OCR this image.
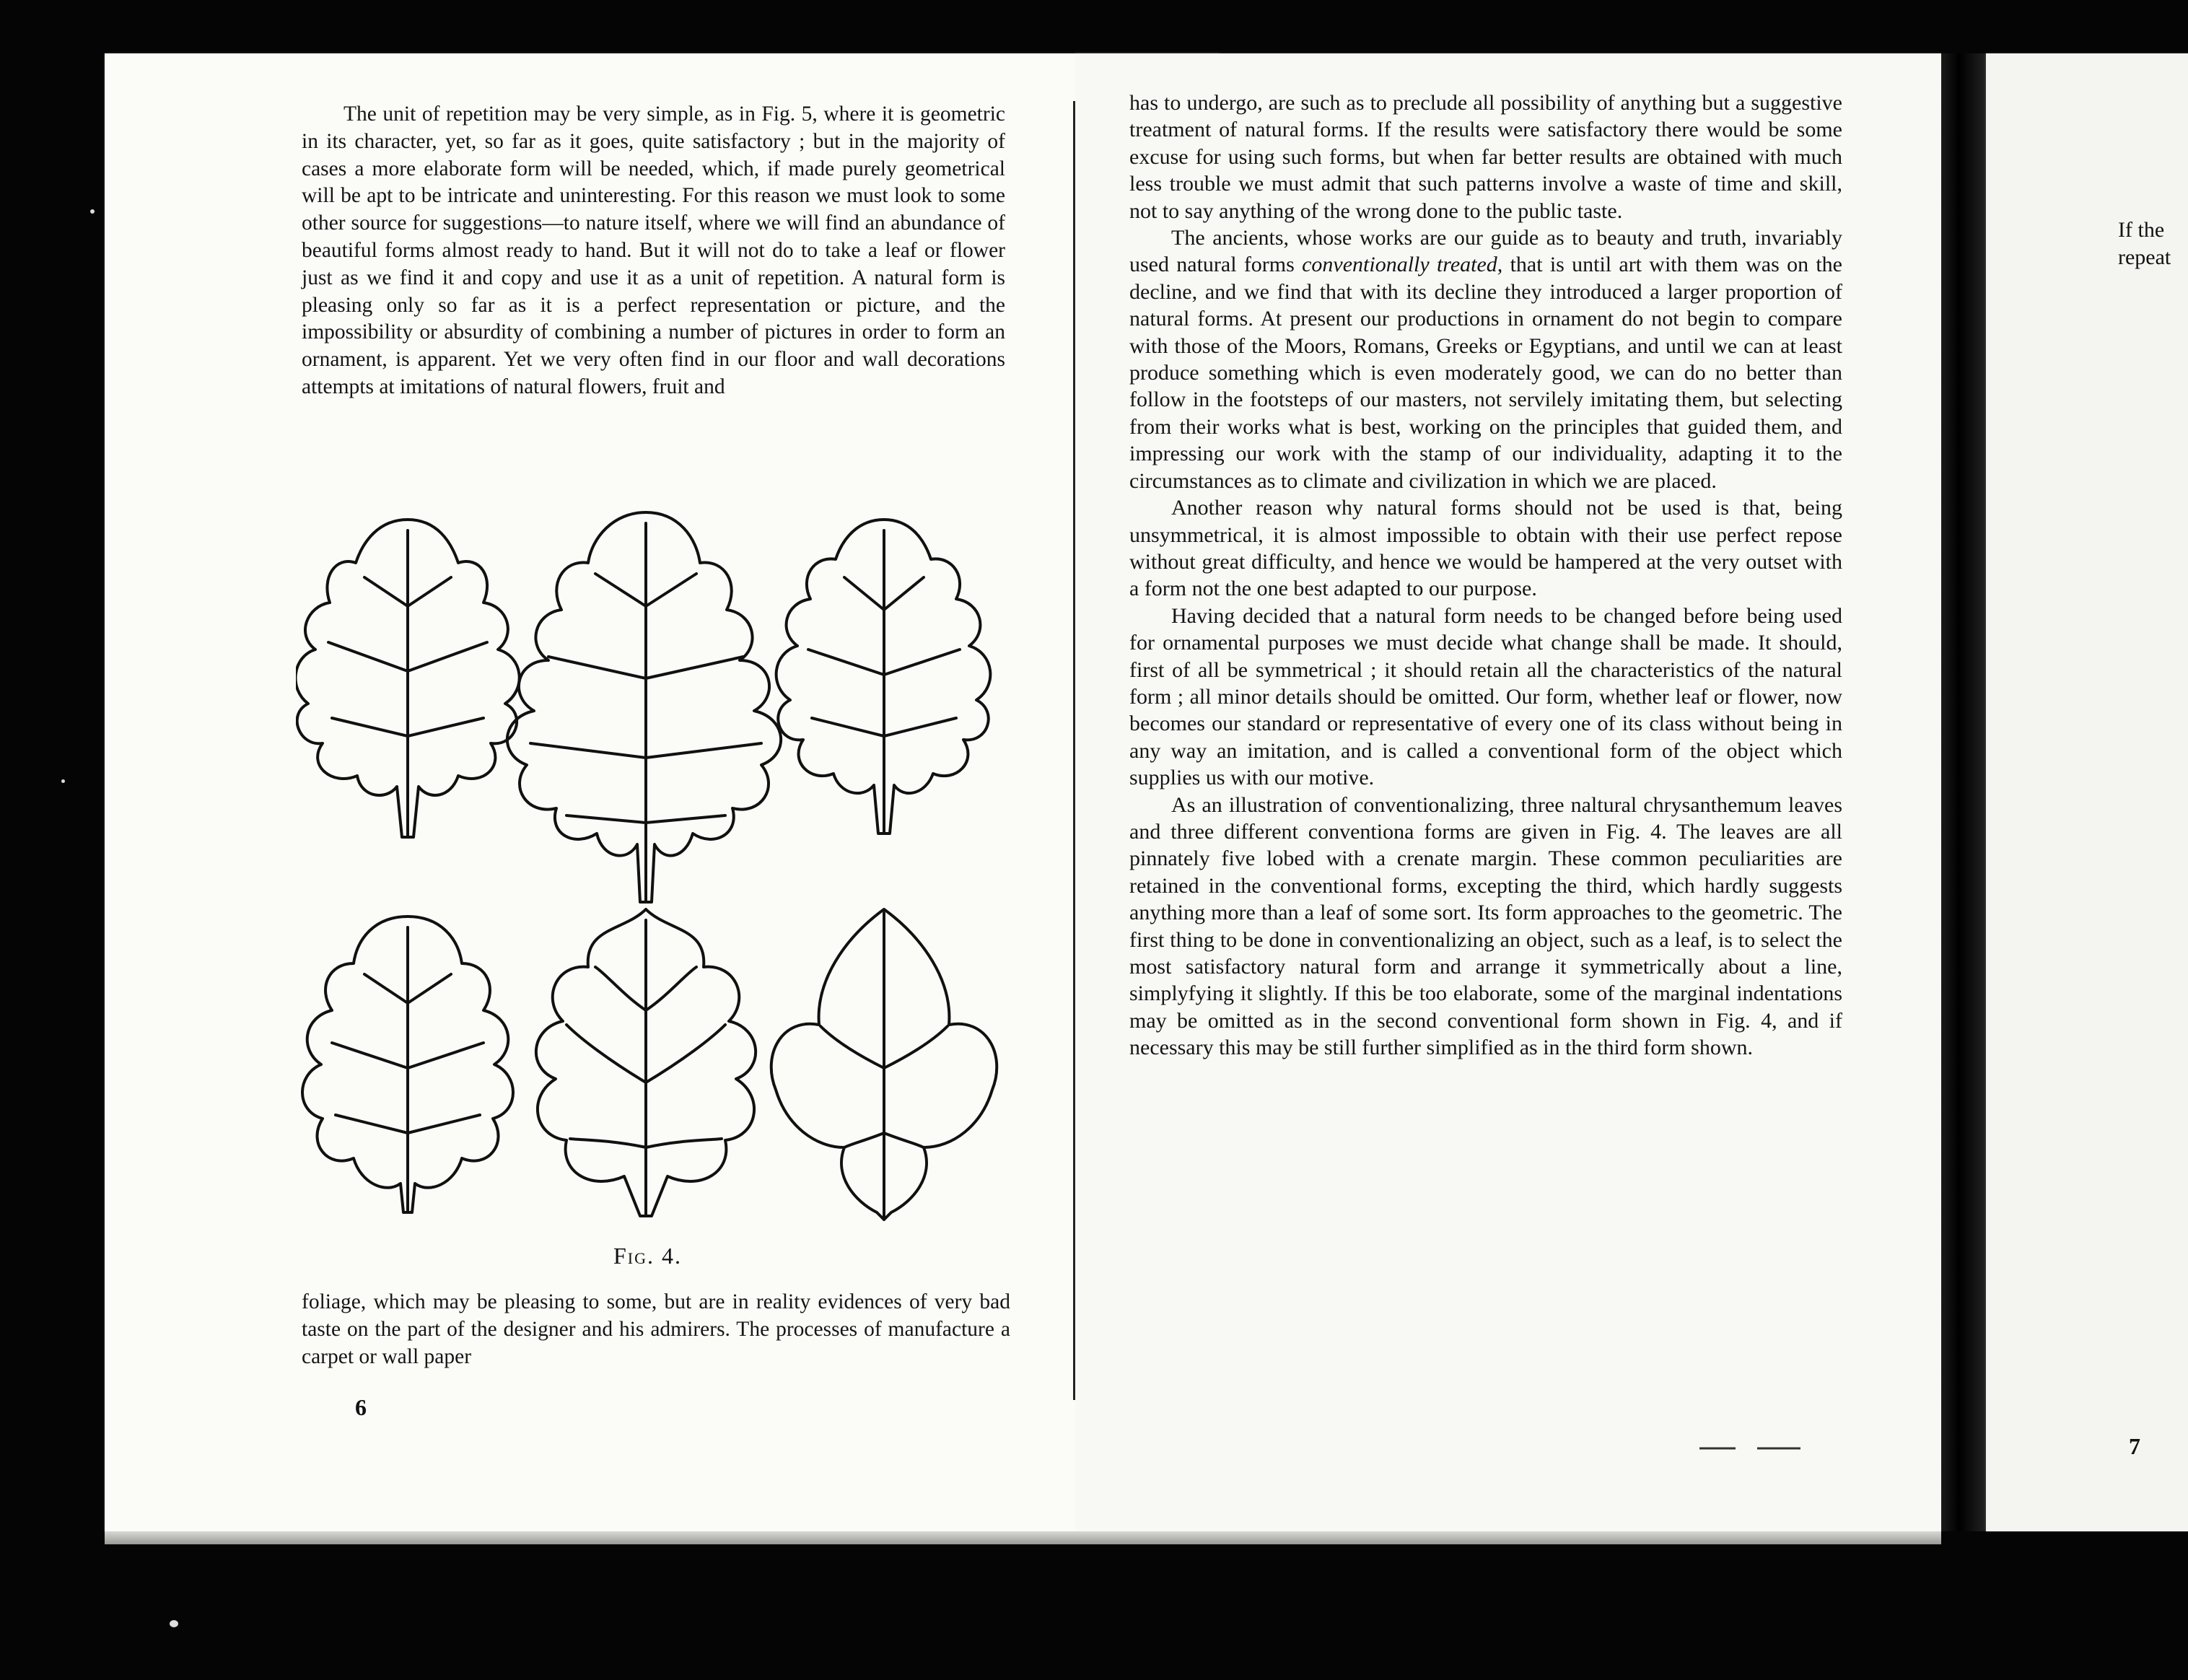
The unit of repetition may be very simple, as in Fig. 5, where it is geometric in its character, yet, so far as it goes, quite satisfactory ; but in the majority of cases a more elaborate form will be needed, which, if made purely geometrical will be apt to be intricate and uninteresting. For this reason we must look to some other source for suggestions—to nature itself, where we will find an abundance of beautiful forms almost ready to hand. But it will not do to take a leaf or flower just as we find it and copy and use it as a unit of repetition. A natural form is pleasing only so far as it is a perfect representation or picture, and the impossibility or absurdity of combining a number of pictures in order to form an ornament, is apparent. Yet we very often find in our floor and wall decorations attempts at imitations of natural flowers, fruit and

Fig. 4.

foliage, which may be pleasing to some, but are in reality evidences of very bad taste on the part of the designer and his admirers. The processes of manufacture a carpet or wall paper

6

has to undergo, are such as to preclude all possibility of anything but a suggestive treatment of natural forms. If the results were satisfactory there would be some excuse for using such forms, but when far better results are obtained with much less trouble we must admit that such patterns involve a waste of time and skill, not to say anything of the wrong done to the public taste.

The ancients, whose works are our guide as to beauty and truth, invariably used natural forms conventionally treated, that is until art with them was on the decline, and we find that with its decline they introduced a larger proportion of natural forms. At present our productions in ornament do not begin to compare with those of the Moors, Romans, Greeks or Egyptians, and until we can at least produce something which is even moderately good, we can do no better than follow in the footsteps of our masters, not servilely imitating them, but selecting from their works what is best, working on the principles that guided them, and impressing our work with the stamp of our individuality, adapting it to the circumstances as to climate and civilization in which we are placed.

Another reason why natural forms should not be used is that, being unsymmetrical, it is almost impossible to obtain with their use perfect repose without great difficulty, and hence we would be hampered at the very outset with a form not the one best adapted to our purpose.

Having decided that a natural form needs to be changed before being used for ornamental purposes we must decide what change shall be made. It should, first of all be symmetrical ; it should retain all the characteristics of the natural form ; all minor details should be omitted. Our form, whether leaf or flower, now becomes our standard or representative of every one of its class without being in any way an imitation, and is called a conventional form of the object which supplies us with our motive.

As an illustration of conventionalizing, three naltural chrysanthemum leaves and three different conventiona forms are given in Fig. 4. The leaves are all pinnately five lobed with a crenate margin. These common peculiarities are retained in the conventional forms, excepting the third, which hardly suggests anything more than a leaf of some sort. Its form approaches to the geometric. The first thing to be done in conventionalizing an object, such as a leaf, is to select the most satisfactory natural form and arrange it symmetrically about a line, simplyfying it slightly. If this be too elaborate, some of the marginal indentations may be omitted as in the second conventional form shown in Fig. 4, and if necessary this may be still further simplified as in the third form shown.

If the
repeat
7
